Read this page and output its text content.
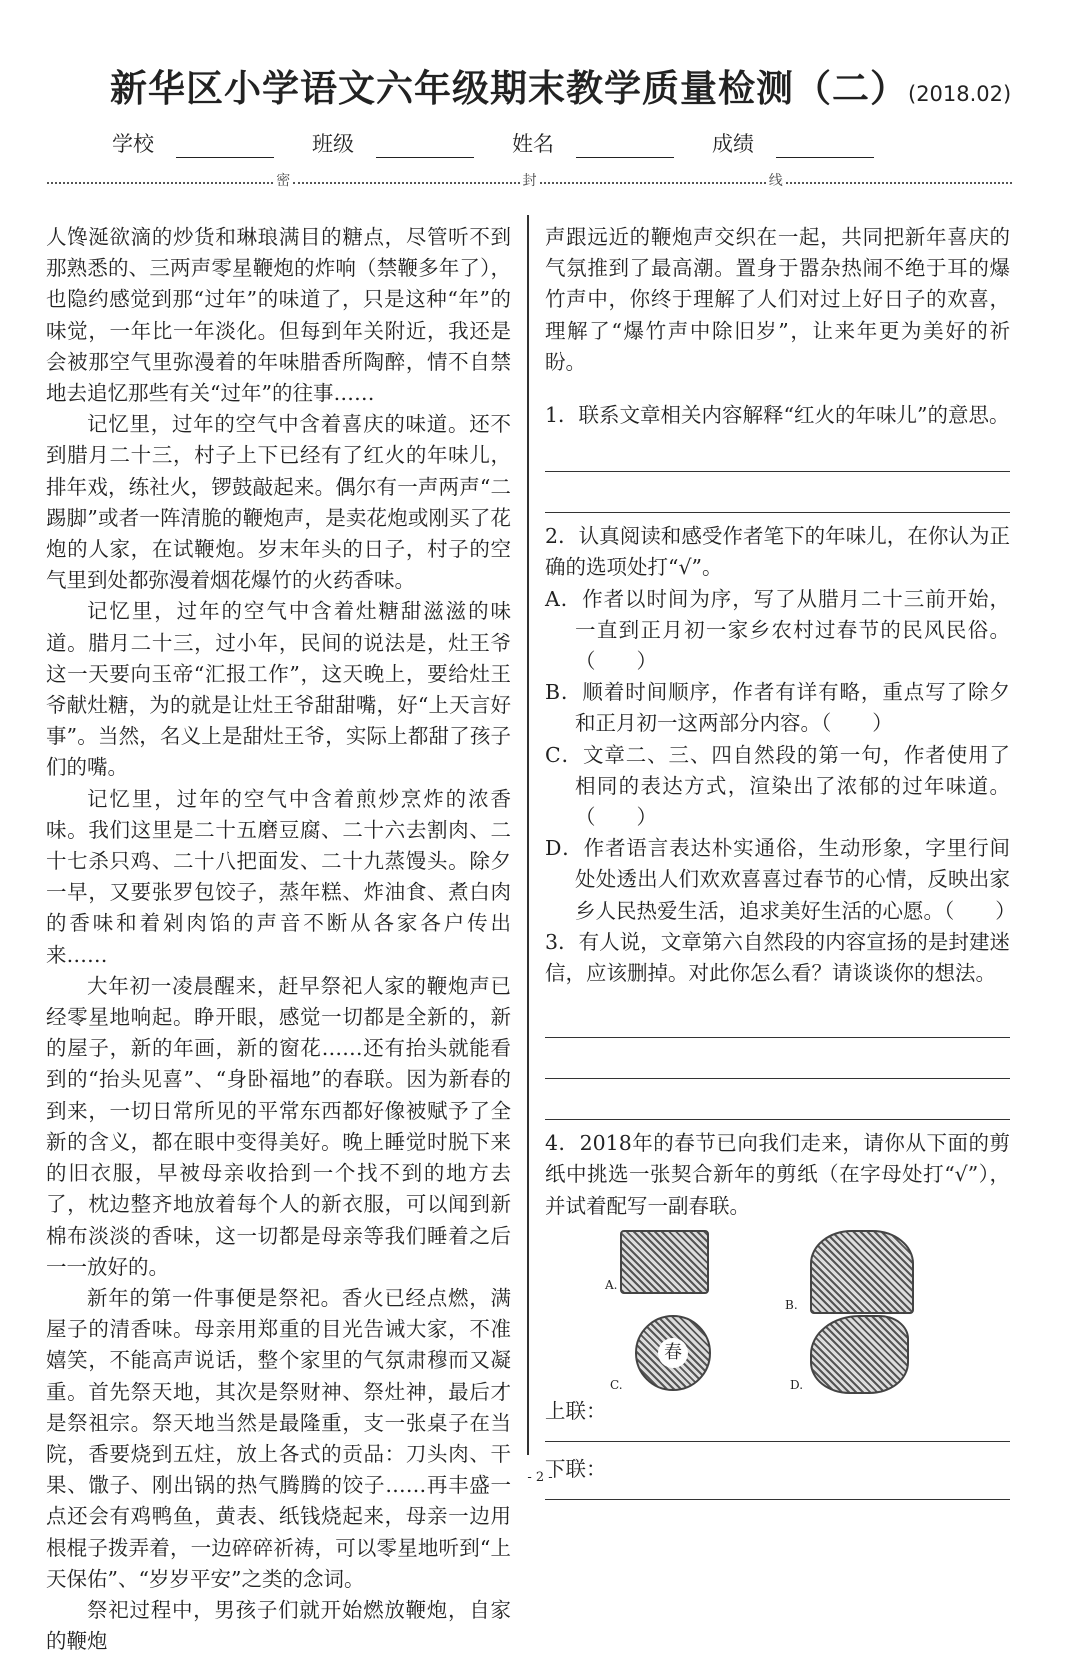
新华区小学语文六年级期末教学质量检测（二）(2018.02)
学校	班级	姓名	成绩
密	封	线

人馋涎欲滴的炒货和琳琅满目的糖点，尽管听不到那熟悉的、三两声零星鞭炮的炸响（禁鞭多年了），也隐约感觉到那“过年”的味道了，只是这种“年”的味觉，一年比一年淡化。但每到年关附近，我还是会被那空气里弥漫着的年味腊香所陶醉，情不自禁地去追忆那些有关“过年”的往事……

记忆里，过年的空气中含着喜庆的味道。还不到腊月二十三，村子上下已经有了红火的年味儿，排年戏，练社火，锣鼓敲起来。偶尔有一声两声“二踢脚”或者一阵清脆的鞭炮声，是卖花炮或刚买了花炮的人家，在试鞭炮。岁末年头的日子，村子的空气里到处都弥漫着烟花爆竹的火药香味。

记忆里，过年的空气中含着灶糖甜滋滋的味道。腊月二十三，过小年，民间的说法是，灶王爷这一天要向玉帝“汇报工作”，这天晚上，要给灶王爷献灶糖，为的就是让灶王爷甜甜嘴，好“上天言好事”。当然，名义上是甜灶王爷，实际上都甜了孩子们的嘴。

记忆里，过年的空气中含着煎炒烹炸的浓香味。我们这里是二十五磨豆腐、二十六去割肉、二十七杀只鸡、二十八把面发、二十九蒸馒头。除夕一早，又要张罗包饺子，蒸年糕、炸油食、煮白肉的香味和着剁肉馅的声音不断从各家各户传出来……

大年初一凌晨醒来，赶早祭祀人家的鞭炮声已经零星地响起。睁开眼，感觉一切都是全新的，新的屋子，新的年画，新的窗花……还有抬头就能看到的“抬头见喜”、“身卧福地”的春联。因为新春的到来，一切日常所见的平常东西都好像被赋予了全新的含义，都在眼中变得美好。晚上睡觉时脱下来的旧衣服，早被母亲收拾到一个找不到的地方去了，枕边整齐地放着每个人的新衣服，可以闻到新棉布淡淡的香味，这一切都是母亲等我们睡着之后一一放好的。

新年的第一件事便是祭祀。香火已经点燃，满屋子的清香味。母亲用郑重的目光告诫大家，不准嬉笑，不能高声说话，整个家里的气氛肃穆而又凝重。首先祭天地，其次是祭财神、祭灶神，最后才是祭祖宗。祭天地当然是最隆重，支一张桌子在当院，香要烧到五炷，放上各式的贡品：刀头肉、干果、馓子、刚出锅的热气腾腾的饺子……再丰盛一点还会有鸡鸭鱼，黄表、纸钱烧起来，母亲一边用根棍子拨弄着，一边碎碎祈祷，可以零星地听到“上天保佑”、“岁岁平安”之类的念词。

祭祀过程中，男孩子们就开始燃放鞭炮，自家的鞭炮

声跟远近的鞭炮声交织在一起，共同把新年喜庆的气氛推到了最高潮。置身于嚣杂热闹不绝于耳的爆竹声中，你终于理解了人们对过上好日子的欢喜，理解了“爆竹声中除旧岁”，让来年更为美好的祈盼。

1．联系文章相关内容解释“红火的年味儿”的意思。

2．认真阅读和感受作者笔下的年味儿，在你认为正确的选项处打“√”。

A．作者以时间为序，写了从腊月二十三前开始，一直到正月初一家乡农村过春节的民风民俗。（　　）

B．顺着时间顺序，作者有详有略，重点写了除夕和正月初一这两部分内容。（　　）

C．文章二、三、四自然段的第一句，作者使用了相同的表达方式，渲染出了浓郁的过年味道。（　　）

D．作者语言表达朴实通俗，生动形象，字里行间处处透出人们欢欢喜喜过春节的心情，反映出家乡人民热爱生活，追求美好生活的心愿。（　　）

3．有人说，文章第六自然段的内容宣扬的是封建迷信，应该删掉。对此你怎么看？请谈谈你的想法。

4．2018年的春节已向我们走来，请你从下面的剪纸中挑选一张契合新年的剪纸（在字母处打“√”），并试着配写一副春联。

A.
B.
春
C.	D.

上联：

下联：

- 2 -
